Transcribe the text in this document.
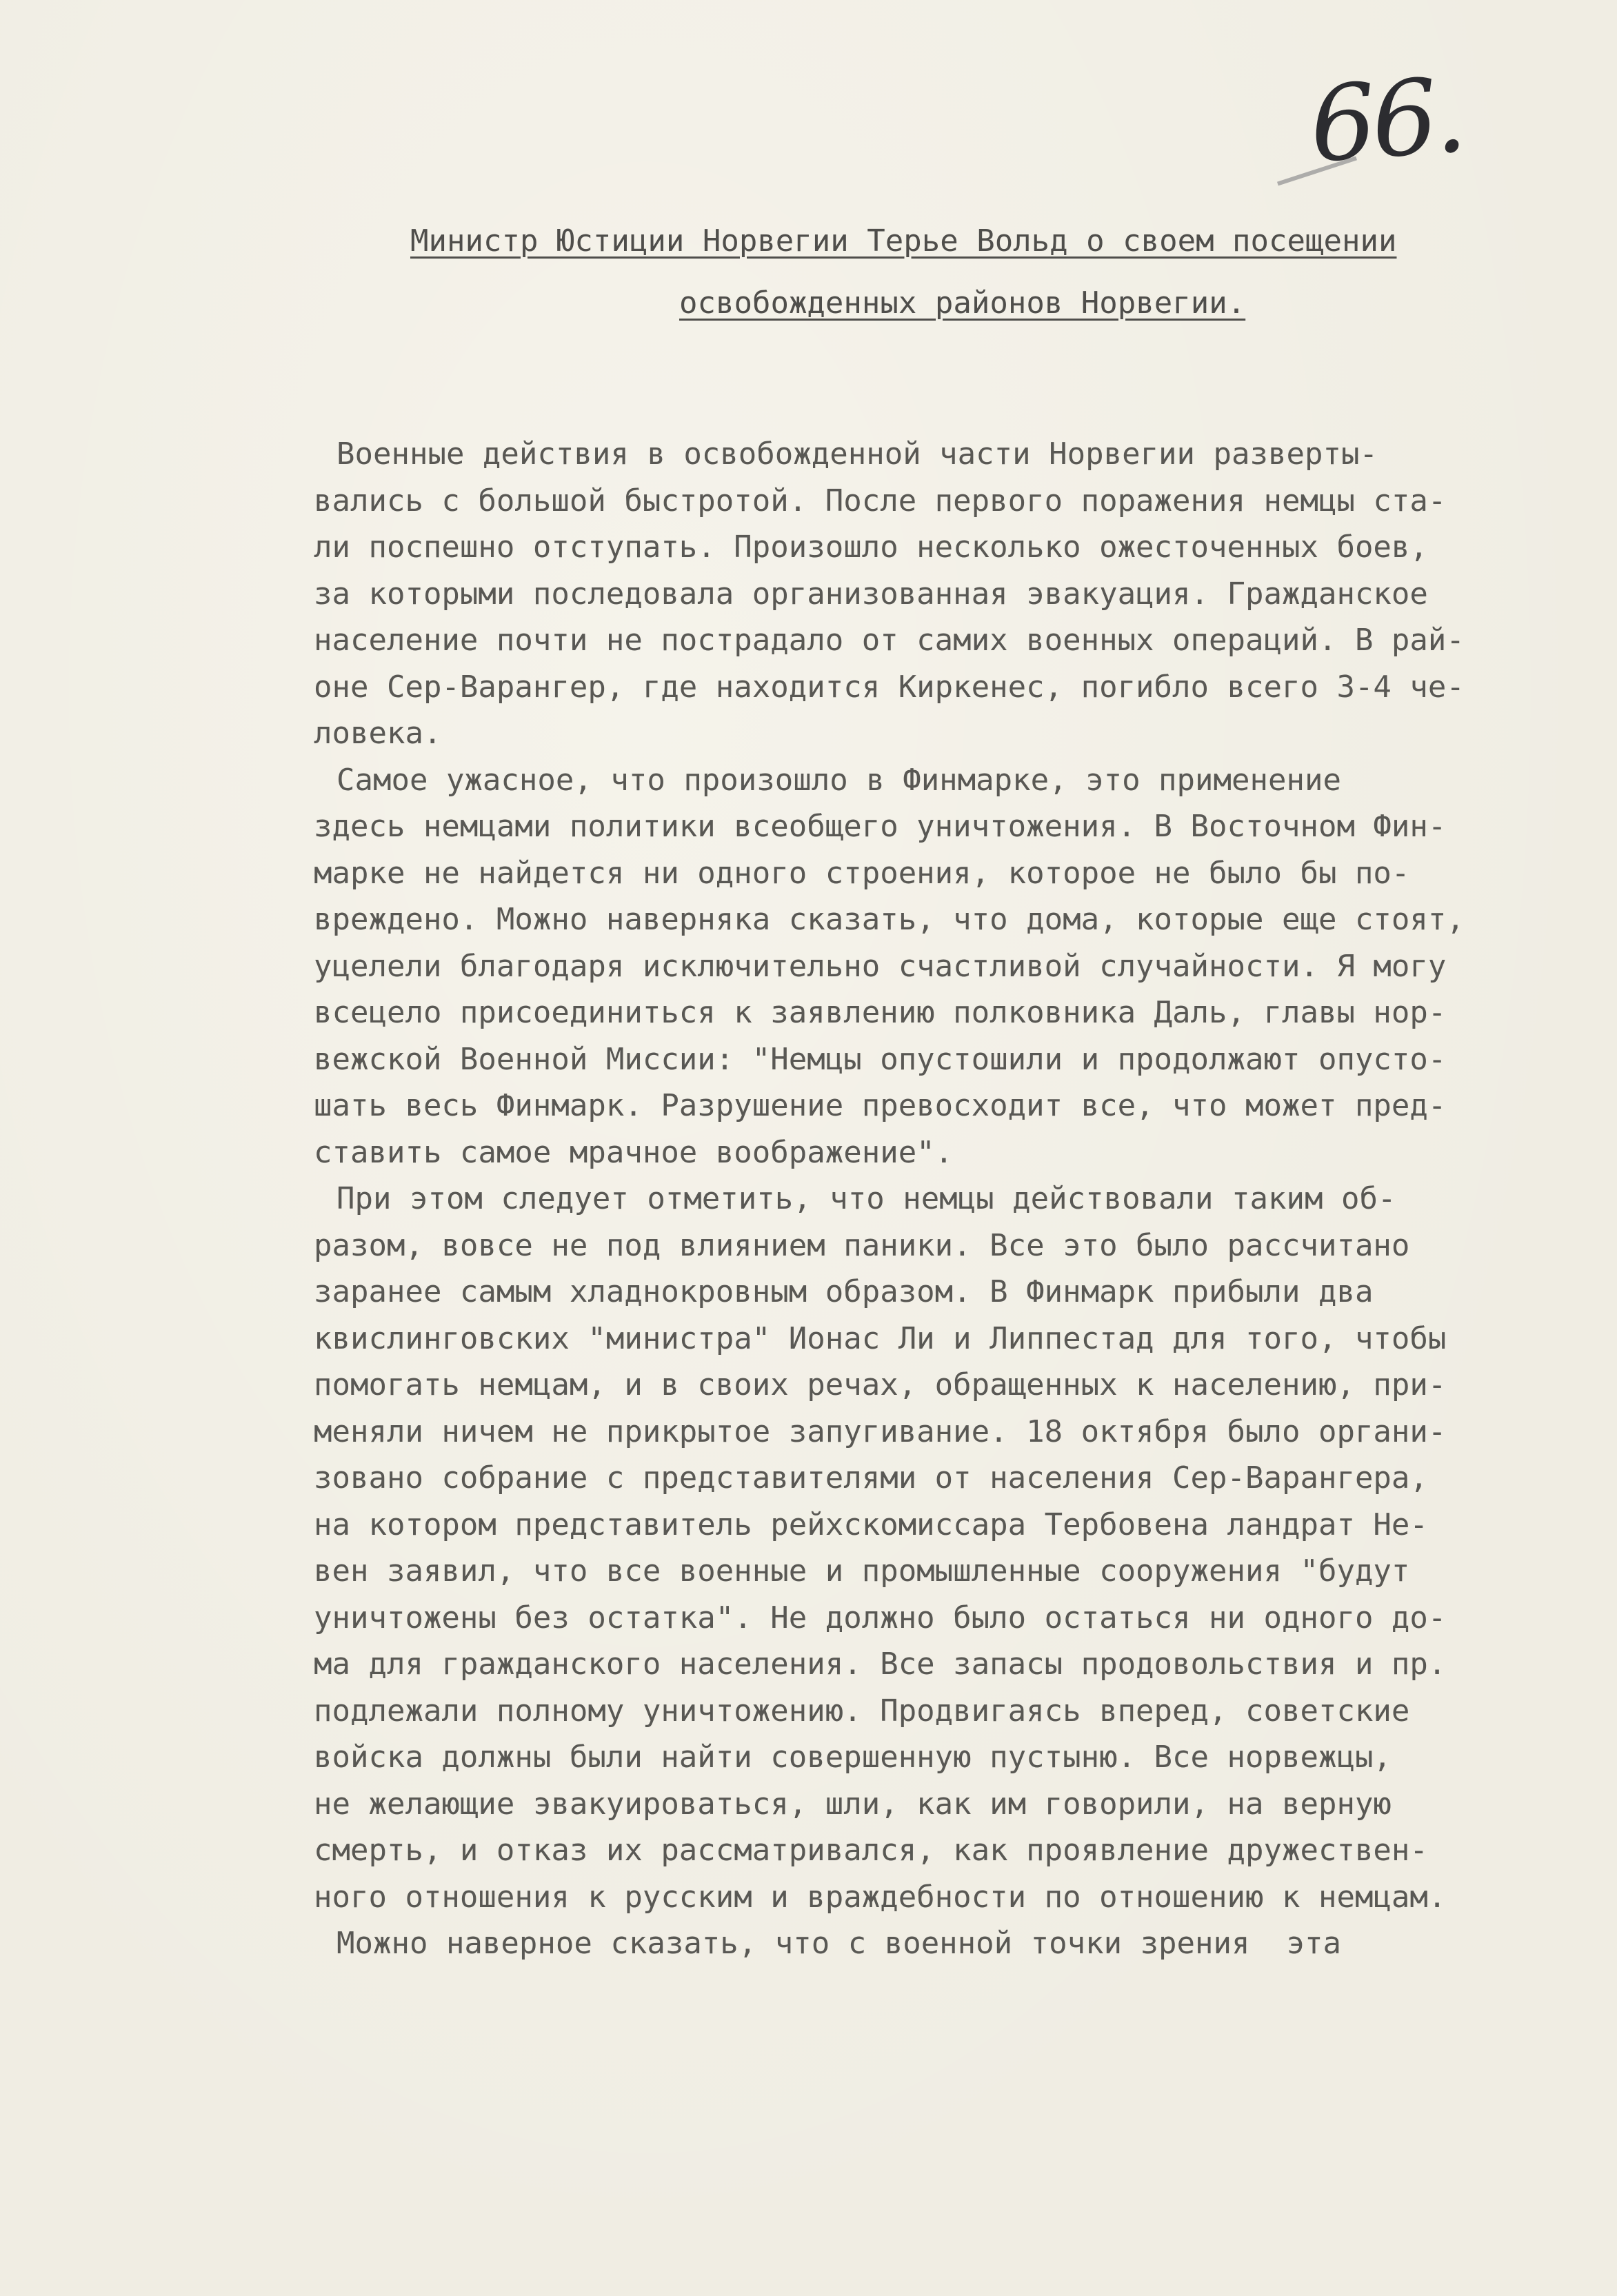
66.
Министр Юстиции Норвегии Терье Вольд о своем посещении
освобожденных районов Норвегии.
Военные действия в освобожденной части Норвегии разверты-
вались с большой быстротой. После первого поражения немцы ста-
ли поспешно отступать. Произошло несколько ожесточенных боев,
за которыми последовала организованная эвакуация. Гражданское
население почти не пострадало от самих военных операций. В рай-
оне Сер-Варангер, где находится Киркенес, погибло всего 3-4 че-
ловека.
Самое ужасное, что произошло в Финмарке, это применение
здесь немцами политики всеобщего уничтожения. В Восточном Фин-
марке не найдется ни одного строения, которое не было бы по-
вреждено. Можно наверняка сказать, что дома, которые еще стоят,
уцелели благодаря исключительно счастливой случайности. Я могу
всецело присоединиться к заявлению полковника Даль, главы нор-
вежской Военной Миссии: "Немцы опустошили и продолжают опусто-
шать весь Финмарк. Разрушение превосходит все, что может пред-
ставить самое мрачное воображение".
При этом следует отметить, что немцы действовали таким об-
разом, вовсе не под влиянием паники. Все это было рассчитано
заранее самым хладнокровным образом. В Финмарк прибыли два
квислинговских "министра" Ионас Ли и Липпестад для того, чтобы
помогать немцам, и в своих речах, обращенных к населению, при-
меняли ничем не прикрытое запугивание. 18 октября было органи-
зовано собрание с представителями от населения Сер-Варангера,
на котором представитель рейхскомиссара Тербовена ландрат Не-
вен заявил, что все военные и промышленные сооружения "будут
уничтожены без остатка". Не должно было остаться ни одного до-
ма для гражданского населения. Все запасы продовольствия и пр.
подлежали полному уничтожению. Продвигаясь вперед, советские
войска должны были найти совершенную пустыню. Все норвежцы,
не желающие эвакуироваться, шли, как им говорили, на верную
смерть, и отказ их рассматривался, как проявление дружествен-
ного отношения к русским и враждебности по отношению к немцам.
Можно наверное сказать, что с военной точки зрения  эта
